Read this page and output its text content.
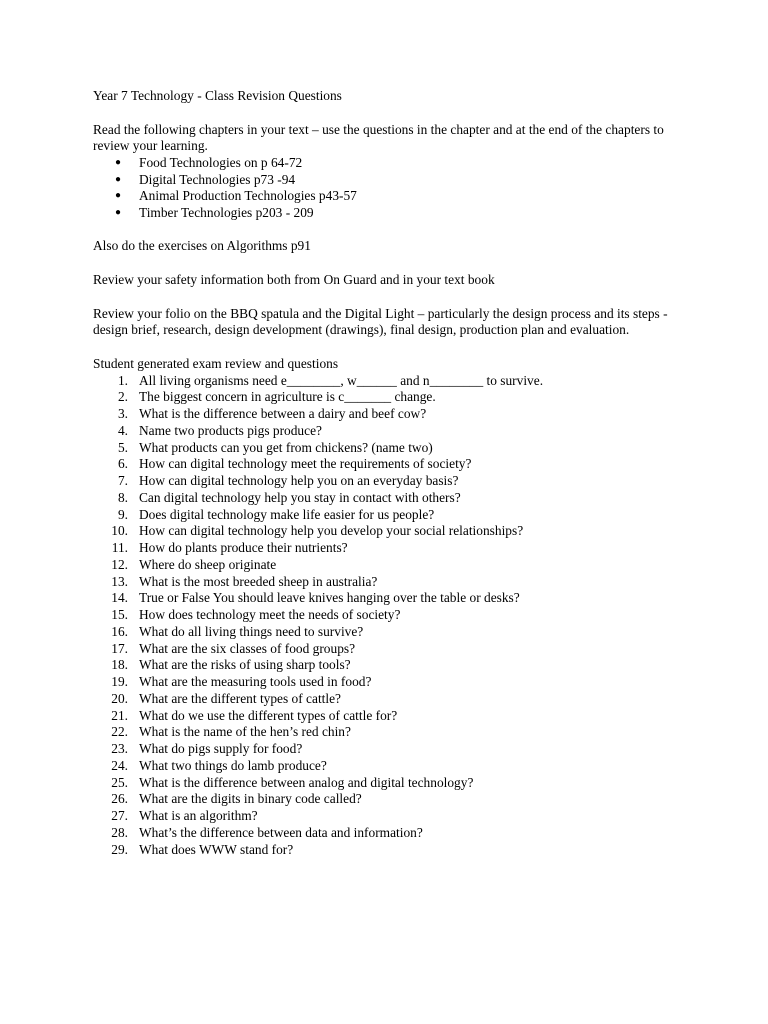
Year 7 Technology - Class Revision Questions

Read the following chapters in your text – use the questions in the chapter and at the end of the chapters to review your learning.

● Food Technologies on p 64-72
● Digital Technologies p73 -94
● Animal Production Technologies p43-57
● Timber Technologies p203 - 209

Also do the exercises on Algorithms p91

Review your safety information both from On Guard and in your text book

Review your folio on the BBQ spatula and the Digital Light – particularly the design process and its steps -design brief, research, design development (drawings), final design, production plan and evaluation.

Student generated exam review and questions

1. All living organisms need e________, w______ and n________ to survive.
2. The biggest concern in agriculture is c_______ change.
3. What is the difference between a dairy and beef cow?
4. Name two products pigs produce?
5. What products can you get from chickens? (name two)
6. How can digital technology meet the requirements of society?
7. How can digital technology help you on an everyday basis?
8. Can digital technology help you stay in contact with others?
9. Does digital technology make life easier for us people?
10. How can digital technology help you develop your social relationships?
11. How do plants produce their nutrients?
12. Where do sheep originate
13. What is the most breeded sheep in australia?
14. True or False You should leave knives hanging over the table or desks?
15. How does technology meet the needs of society?
16. What do all living things need to survive?
17. What are the six classes of food groups?
18. What are the risks of using sharp tools?
19. What are the measuring tools used in food?
20. What are the different types of cattle?
21. What do we use the different types of cattle for?
22. What is the name of the hen’s red chin?
23. What do pigs supply for food?
24. What two things do lamb produce?
25. What is the difference between analog and digital technology?
26. What are the digits in binary code called?
27. What is an algorithm?
28. What’s the difference between data and information?
29. What does WWW stand for?
